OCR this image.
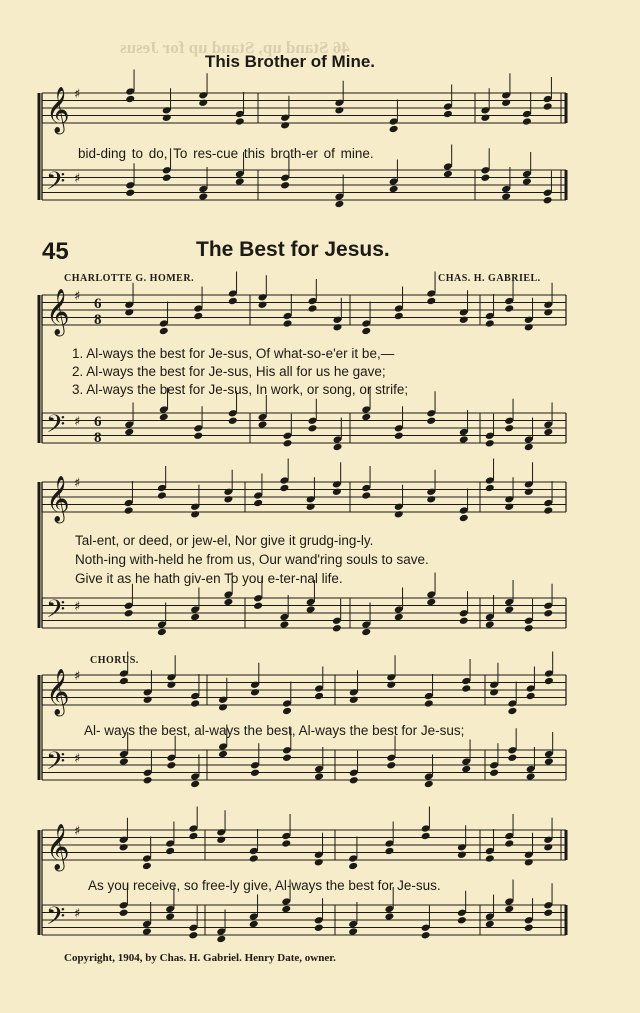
46 Stand up, Stand up for Jesus
This Brother of Mine.
bid-ding to do, To res-cue this broth-er of mine.
45	The Best for Jesus.
CHARLOTTE G. HOMER.	CHAS. H. GABRIEL.
1. Al-ways the best for Je-sus, Of what-so-e'er it be,—
2. Al-ways the best for Je-sus, His all for us he gave;
3. Al-ways the best for Je-sus, In work, or song, or strife;
Tal-ent, or deed, or jew-el, Nor give it grudg-ing-ly.
Noth-ing with-held he from us, Our wand'ring souls to save.
Give it as he hath giv-en To you e-ter-nal life.
CHORUS.
Al- ways the best, al-ways the best, Al-ways the best for Je-sus;
As you receive, so free-ly give, Al-ways the best for Je-sus.
Copyright, 1904, by Chas. H. Gabriel. Henry Date, owner.
𝄞
𝄢
♯
♯
𝄞
𝄢
♯
♯
6
8
6
8
𝄞
𝄢
♯
♯
𝄞
𝄢
♯
♯
𝄞
𝄢
♯
♯
